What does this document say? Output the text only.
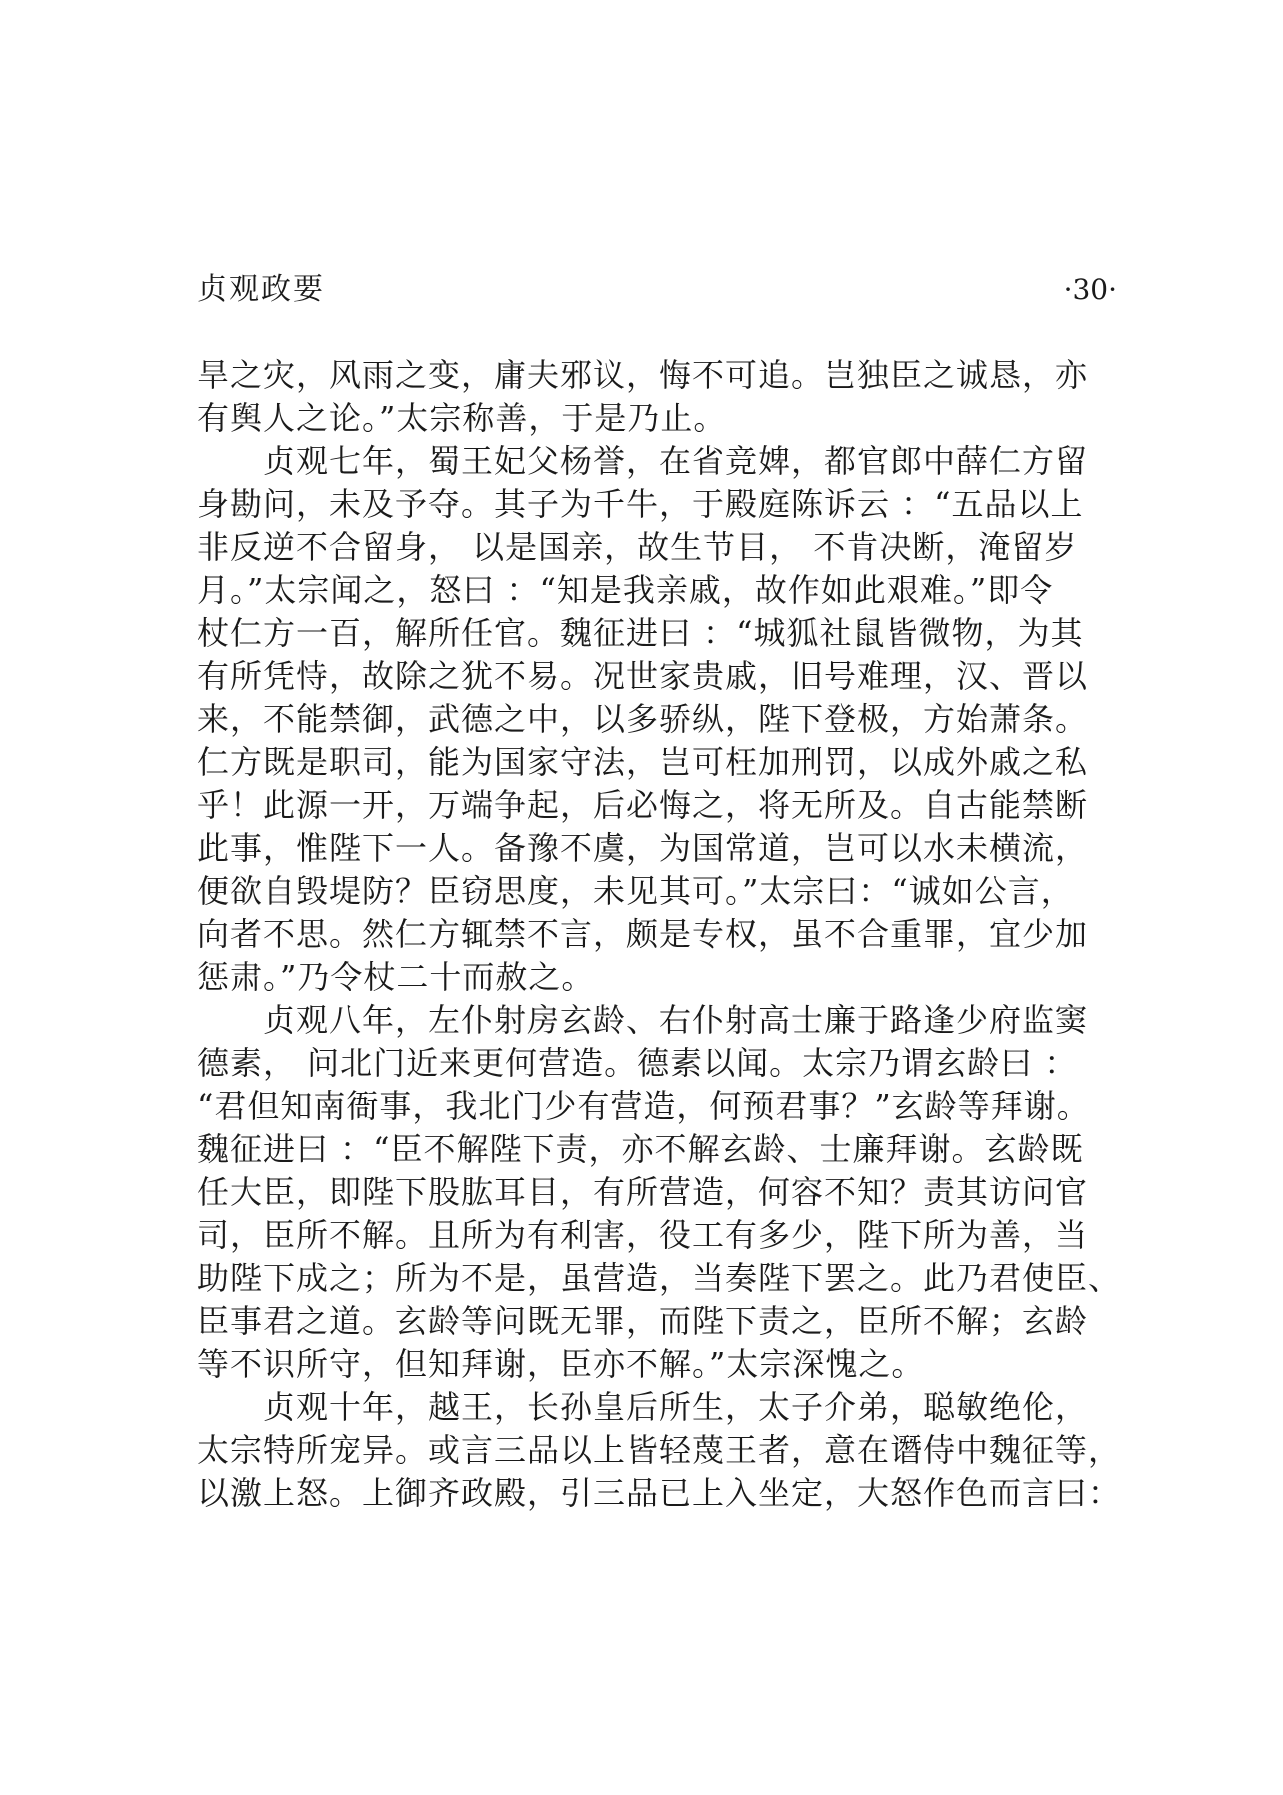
贞观政要	·30·
旱之灾，风雨之变，庸夫邪议，悔不可追。岂独臣之诚恳，亦
有舆人之论。”太宗称善，于是乃止。
贞观七年，蜀王妃父杨誉，在省竞婢，都官郎中薛仁方留
身勘问，未及予夺。其子为千牛，于殿庭陈诉云 ：“五品以上
非反逆不合留身， 以是国亲，故生节目， 不肯决断，淹留岁
月。”太宗闻之，怒曰 ：“知是我亲戚，故作如此艰难。”即令
杖仁方一百，解所任官。魏征进曰 ：“城狐社鼠皆微物，为其
有所凭恃，故除之犹不易。况世家贵戚，旧号难理，汉、晋以
来，不能禁御，武德之中，以多骄纵，陛下登极，方始萧条。
仁方既是职司，能为国家守法，岂可枉加刑罚，以成外戚之私
乎！此源一开，万端争起，后必悔之，将无所及。自古能禁断
此事，惟陛下一人。备豫不虞，为国常道，岂可以水未横流，
便欲自毁堤防？臣窃思度，未见其可。”太宗曰：“诚如公言，
向者不思。然仁方辄禁不言，颇是专权，虽不合重罪，宜少加
惩肃。”乃令杖二十而赦之。
贞观八年，左仆射房玄龄、右仆射高士廉于路逢少府监窦
德素， 问北门近来更何营造。德素以闻。太宗乃谓玄龄曰 ：
“君但知南衙事，我北门少有营造，何预君事？”玄龄等拜谢。
魏征进曰 ：“臣不解陛下责，亦不解玄龄、士廉拜谢。玄龄既
任大臣，即陛下股肱耳目，有所营造，何容不知？责其访问官
司，臣所不解。且所为有利害，役工有多少，陛下所为善，当
助陛下成之；所为不是，虽营造，当奏陛下罢之。此乃君使臣、
臣事君之道。玄龄等问既无罪，而陛下责之，臣所不解；玄龄
等不识所守，但知拜谢，臣亦不解。”太宗深愧之。
贞观十年，越王，长孙皇后所生，太子介弟，聪敏绝伦，
太宗特所宠异。或言三品以上皆轻蔑王者，意在谮侍中魏征等，
以激上怒。上御齐政殿，引三品已上入坐定，大怒作色而言曰：
